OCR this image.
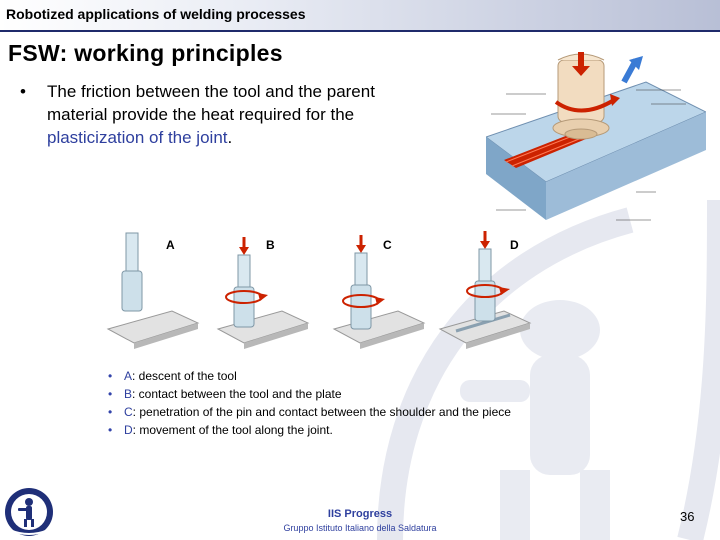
Robotized applications of welding processes
FSW: working principles
• The friction between the tool and the parent material provide the heat required for the plasticization of the joint.
A	B	C	D
• A: descent of the tool
• B: contact between the tool and the plate
• C: penetration of the pin and contact between the shoulder and the piece
• D: movement of the tool along the joint.
IIS Progress
Gruppo Istituto Italiano della Saldatura
36
